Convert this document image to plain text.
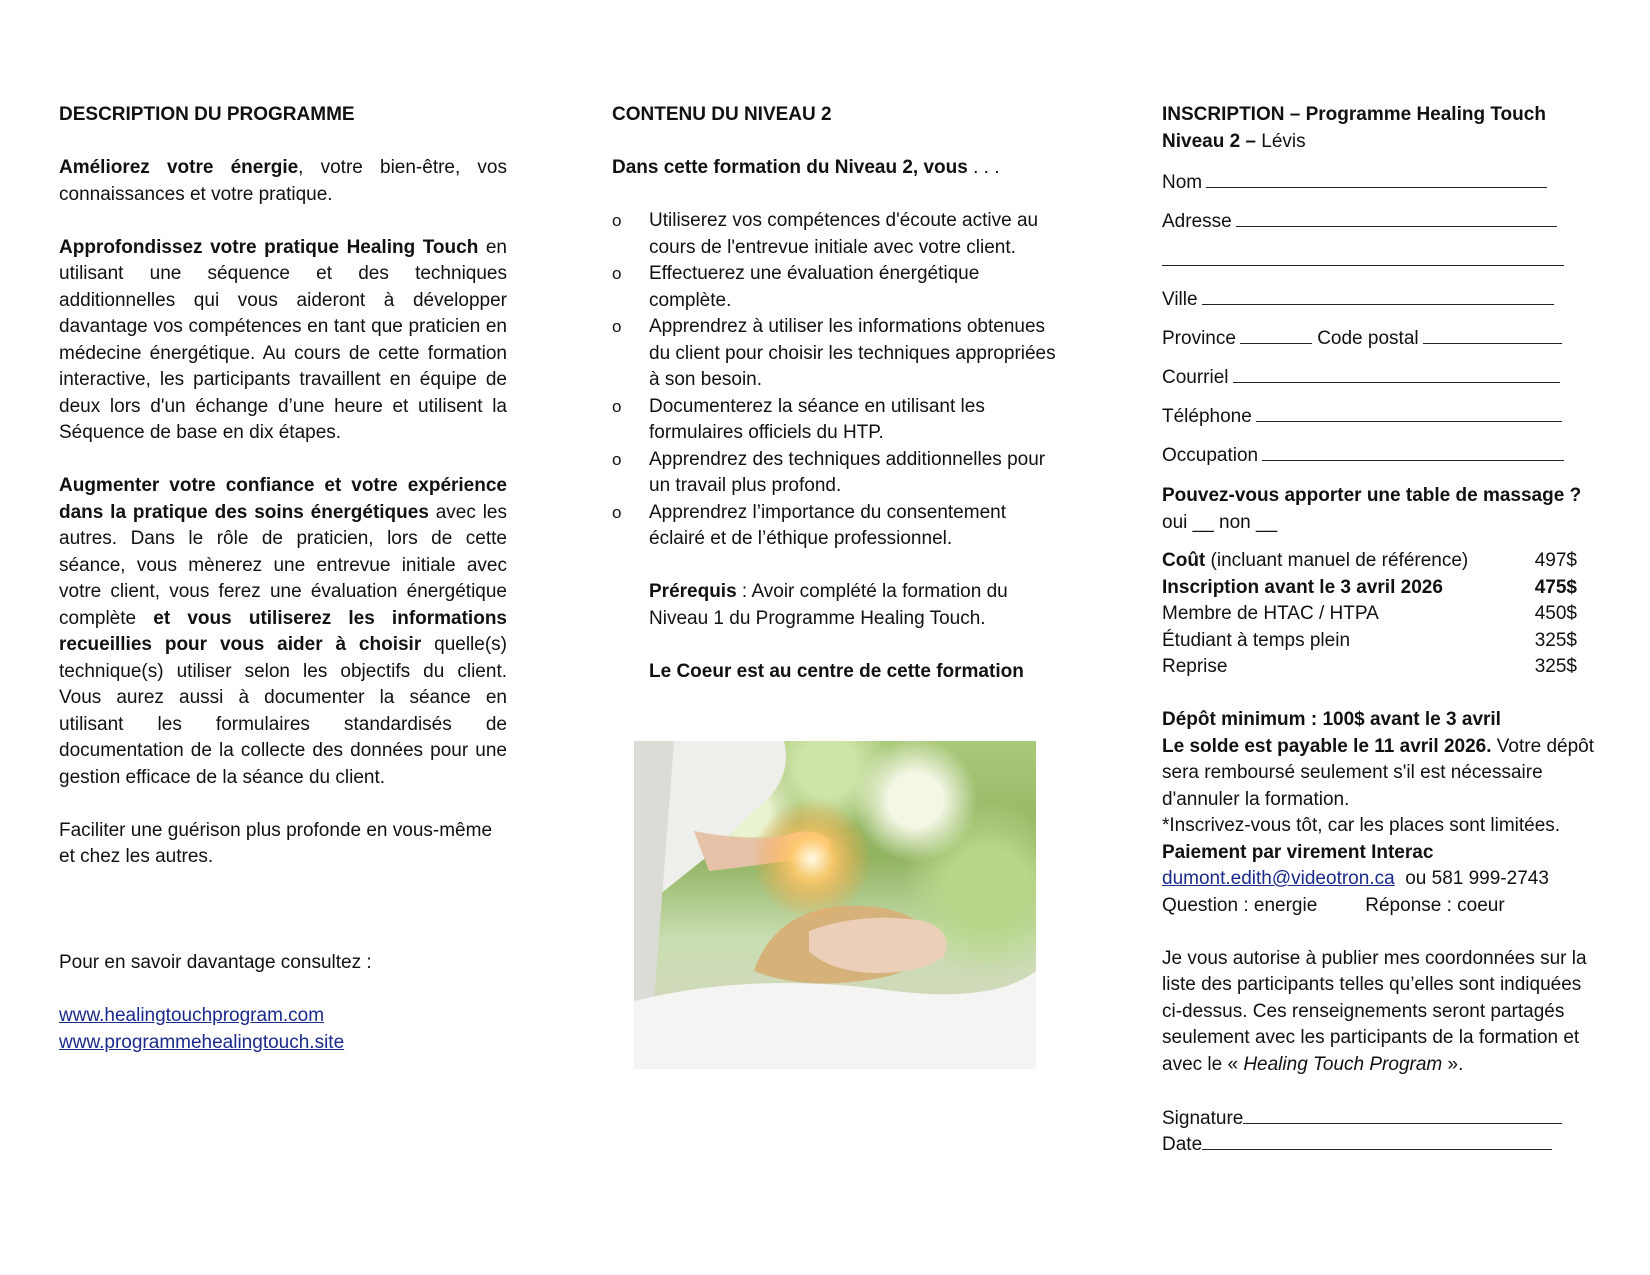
DESCRIPTION DU PROGRAMME

Améliorez votre énergie, votre bien-être, vos connaissances et votre pratique.

Approfondissez votre pratique Healing Touch en utilisant une séquence et des techniques additionnelles qui vous aideront à développer davantage vos compétences en tant que praticien en médecine énergétique. Au cours de cette formation interactive, les participants travaillent en équipe de deux lors d'un échange d’une heure et utilisent la Séquence de base en dix étapes.

Augmenter votre confiance et votre expérience dans la pratique des soins énergétiques avec les autres. Dans le rôle de praticien, lors de cette séance, vous mènerez une entrevue initiale avec votre client, vous ferez une évaluation énergétique complète et vous utiliserez les informations recueillies pour vous aider à choisir quelle(s) technique(s) utiliser selon les objectifs du client. Vous aurez aussi à documenter la séance en utilisant les formulaires standardisés de documentation de la collecte des données pour une gestion efficace de la séance du client.

Faciliter une guérison plus profonde en vous-même et chez les autres.

Pour en savoir davantage consultez :

www.healingtouchprogram.com

www.programmehealingtouch.site

CONTENU DU NIVEAU 2

Dans cette formation du Niveau 2, vous . . .

o Utiliserez vos compétences d'écoute active au cours de l'entrevue initiale avec votre client.
o Effectuerez une évaluation énergétique complète.
o Apprendrez à utiliser les informations obtenues du client pour choisir les techniques appropriées à son besoin.
o Documenterez la séance en utilisant les formulaires officiels du HTP.
o Apprendrez des techniques additionnelles pour un travail plus profond.
o Apprendrez l’importance du consentement éclairé et de l’éthique professionnel.

Prérequis : Avoir complété la formation du Niveau 1 du Programme Healing Touch.

Le Coeur est au centre de cette formation

INSCRIPTION – Programme Healing Touch

Niveau 2 – Lévis

Nom
Adresse
Ville
Province	Code postal
Courriel
Téléphone
Occupation

Pouvez-vous apporter une table de massage ?

oui __ non __

Coût (incluant manuel de référence)	497$
Inscription avant le 3 avril 2026	475$
Membre de HTAC / HTPA	450$
Étudiant à temps plein	325$
Reprise	325$

Dépôt minimum : 100$ avant le 3 avril

Le solde est payable le 11 avril 2026. Votre dépôt sera remboursé seulement s'il est nécessaire d'annuler la formation.

*Inscrivez-vous tôt, car les places sont limitées.

Paiement par virement Interac

dumont.edith@videotron.ca  ou 581 999-2743

Question : energie	Réponse : coeur

Je vous autorise à publier mes coordonnées sur la liste des participants telles qu’elles sont indiquées ci-dessus. Ces renseignements seront partagés seulement avec les participants de la formation et avec le « Healing Touch Program ».

Signature
Date
